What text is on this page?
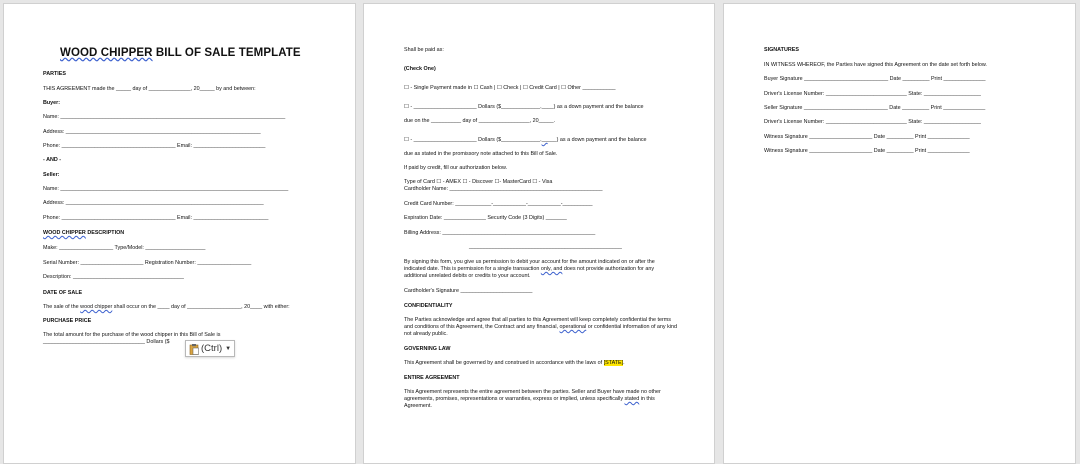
WOOD CHIPPER BILL OF SALE TEMPLATE
PARTIES
THIS AGREEMENT made the _____ day of ______________, 20_____ by and between:
Buyer:
Name: ___________________________________________________________________________
Address: _________________________________________________________________
Phone: ______________________________________ Email: ________________________
- AND -
Seller:
Name: ____________________________________________________________________________
Address: __________________________________________________________________
Phone: ______________________________________ Email: _________________________
WOOD CHIPPER DESCRIPTION
Make: __________________ Type/Model: ____________________
Serial Number: _____________________ Registration Number: __________________
Description: _____________________________________
DATE OF SALE
The sale of the wood chipper shall occur on the ____ day of __________________, 20____ with either:
PURCHASE PRICE
The total amount for the purchase of the wood chipper in this Bill of Sale is
__________________________________ Dollars ($
(Ctrl) ▼
Shall be paid as:
(Check One)
☐ - Single Payment made in ☐ Cash | ☐ Check | ☐ Credit Card | ☐ Other ___________
☐ - _____________________ Dollars ($_____________.____) as a down payment and the balance
due on the __________ day of _________________, 20_____.
☐ - _____________________ Dollars ($_____________._____) as a down payment and the balance
due as stated in the promissory note attached to this Bill of Sale.
If paid by credit, fill our authorization below.
Type of Card ☐ - AMEX ☐ - Discover ☐- MasterCard ☐ - Visa
Cardholder Name: ___________________________________________________
Credit Card Number: ____________-___________-___________-__________
Expiration Date: ______________ Security Code (3 Digits) _______
Billing Address: ___________________________________________________
___________________________________________________
By signing this form, you give us permission to debit your account for the amount indicated on or after the indicated date. This is permission for a single transaction only, and does not provide authorization for any additional unrelated debits or credits to your account.
Cardholder's Signature ________________________
CONFIDENTIALITY
The Parties acknowledge and agree that all parties to this Agreement will keep completely confidential the terms and conditions of this Agreement, the Contract and any financial, operational or confidential information of any kind not already public.
GOVERNING LAW
This Agreement shall be governed by and construed in accordance with the laws of [STATE].
ENTIRE AGREEMENT
This Agreement represents the entire agreement between the parties. Seller and Buyer have made no other agreements, promises, representations or warranties, express or implied, unless specifically stated in this Agreement.
SIGNATURES
IN WITNESS WHEREOF, the Parties have signed this Agreement on the date set forth below.
Buyer Signature ____________________________ Date _________ Print ______________
Driver's License Number: ___________________________ State: ___________________
Seller Signature ____________________________ Date _________ Print ______________
Driver's License Number: ___________________________ State: ___________________
Witness Signature _____________________ Date _________ Print ______________
Witness Signature _____________________ Date _________ Print ______________
